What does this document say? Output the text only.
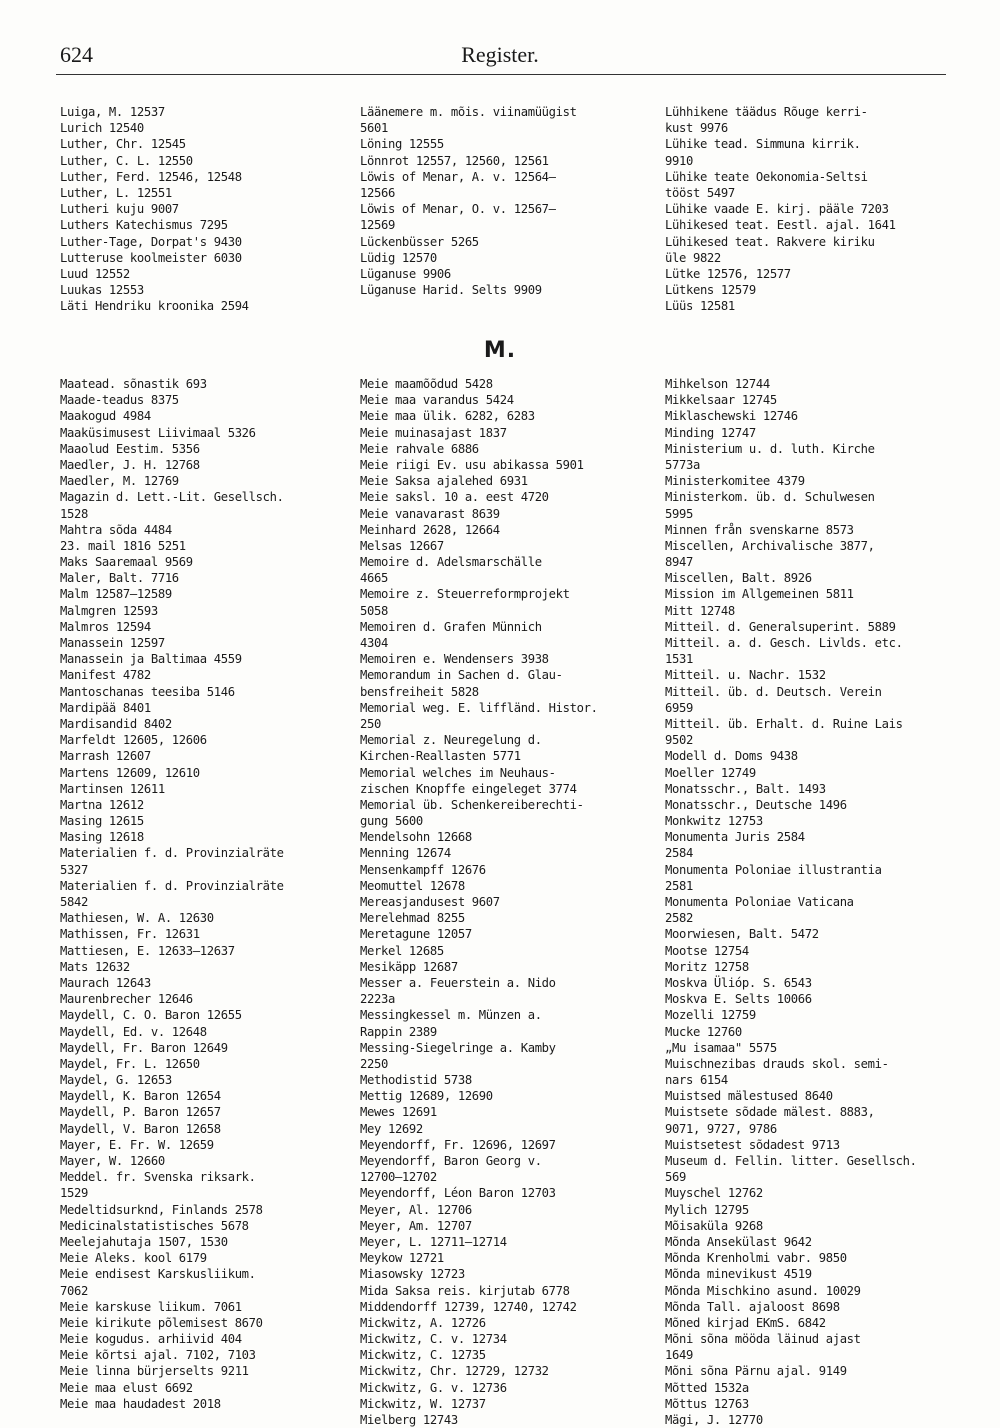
624	Register.
Luiga, M. 12537
Lurich 12540
Luther, Chr. 12545
Luther, C. L. 12550
Luther, Ferd. 12546, 12548
Luther, L. 12551
Lutheri kuju 9007
Luthers Katechismus 7295
Luther-Tage, Dorpat's 9430
Lutteruse koolmeister 6030
Luud 12552
Luukas 12553
Läti Hendriku kroonika 2594
Läänemere m. mõis. viinamüügist
5601
Löning 12555
Lönnrot 12557, 12560, 12561
Löwis of Menar, A. v. 12564—
12566
Löwis of Menar, O. v. 12567—
12569
Lückenbüsser 5265
Lüdig 12570
Lüganuse 9906
Lüganuse Harid. Selts 9909
Lühhikene täädus Rõuge kerri-
kust 9976
Lühike tead. Simmuna kirrik.
9910
Lühike teate Oekonomia-Seltsi
tööst 5497
Lühike vaade E. kirj. pääle 7203
Lühikesed teat. Eestl. ajal. 1641
Lühikesed teat. Rakvere kiriku
üle 9822
Lütke 12576, 12577
Lütkens 12579
Lüüs 12581
M.
Maatead. sõnastik 693
Maade-teadus 8375
Maakogud 4984
Maaküsimusest Liivimaal 5326
Maaolud Eestim. 5356
Maedler, J. H. 12768
Maedler, M. 12769
Magazin d. Lett.-Lit. Gesellsch.
1528
Mahtra sõda 4484
23. mail 1816 5251
Maks Saaremaal 9569
Maler, Balt. 7716
Malm 12587—12589
Malmgren 12593
Malmros 12594
Manassein 12597
Manassein ja Baltimaa 4559
Manifest 4782
Mantoschanas teesiba 5146
Mardipää 8401
Mardisandid 8402
Marfeldt 12605, 12606
Marrash 12607
Martens 12609, 12610
Martinsen 12611
Martna 12612
Masing 12615
Masing 12618
Materialien f. d. Provinzialräte
5327
Materialien f. d. Provinzialräte
5842
Mathiesen, W. A. 12630
Mathissen, Fr. 12631
Mattiesen, E. 12633—12637
Mats 12632
Maurach 12643
Maurenbrecher 12646
Maydell, C. O. Baron 12655
Maydell, Ed. v. 12648
Maydell, Fr. Baron 12649
Maydel, Fr. L. 12650
Maydel, G. 12653
Maydell, K. Baron 12654
Maydell, P. Baron 12657
Maydell, V. Baron 12658
Mayer, E. Fr. W. 12659
Mayer, W. 12660
Meddel. fr. Svenska riksark.
1529
Medeltidsurknd, Finlands 2578
Medicinalstatistisches 5678
Meelejahutaja 1507, 1530
Meie Aleks. kool 6179
Meie endisest Karskusliikum.
7062
Meie karskuse liikum. 7061
Meie kirikute põlemisest 8670
Meie kogudus. arhiivid 404
Meie kõrtsi ajal. 7102, 7103
Meie linna bürjerselts 9211
Meie maa elust 6692
Meie maa haudadest 2018
Meie maamõõdud 5428
Meie maa varandus 5424
Meie maa ülik. 6282, 6283
Meie muinasajast 1837
Meie rahvale 6886
Meie riigi Ev. usu abikassa 5901
Meie Saksa ajalehed 6931
Meie saksl. 10 a. eest 4720
Meie vanavarast 8639
Meinhard 2628, 12664
Melsas 12667
Memoire d. Adelsmarschälle
4665
Memoire z. Steuerreformprojekt
5058
Memoiren d. Grafen Münnich
4304
Memoiren e. Wendensers 3938
Memorandum in Sachen d. Glau-
bensfreiheit 5828
Memorial weg. E. liffländ. Histor.
250
Memorial z. Neuregelung d.
Kirchen-Reallasten 5771
Memorial welches im Neuhaus-
zischen Knopffe eingeleget 3774
Memorial üb. Schenkereiberechti-
gung 5600
Mendelsohn 12668
Menning 12674
Mensenkampff 12676
Meomuttel 12678
Mereasjandusest 9607
Merelehmad 8255
Meretagune 12057
Merkel 12685
Mesikäpp 12687
Messer a. Feuerstein a. Nido
2223a
Messingkessel m. Münzen a.
Rappin 2389
Messing-Siegelringe a. Kamby
2250
Methodistid 5738
Mettig 12689, 12690
Mewes 12691
Mey 12692
Meyendorff, Fr. 12696, 12697
Meyendorff, Baron Georg v.
12700—12702
Meyendorff, Léon Baron 12703
Meyer, Al. 12706
Meyer, Am. 12707
Meyer, L. 12711—12714
Meykow 12721
Miasowsky 12723
Mida Saksa reis. kirjutab 6778
Middendorff 12739, 12740, 12742
Mickwitz, A. 12726
Mickwitz, C. v. 12734
Mickwitz, C. 12735
Mickwitz, Chr. 12729, 12732
Mickwitz, G. v. 12736
Mickwitz, W. 12737
Mielberg 12743
Mihkelson 12744
Mikkelsaar 12745
Miklaschewski 12746
Minding 12747
Ministerium u. d. luth. Kirche
5773a
Ministerkomitee 4379
Ministerkom. üb. d. Schulwesen
5995
Minnen från svenskarne 8573
Miscellen, Archivalische 3877,
8947
Miscellen, Balt. 8926
Mission im Allgemeinen 5811
Mitt 12748
Mitteil. d. Generalsuperint. 5889
Mitteil. a. d. Gesch. Livlds. etc.
1531
Mitteil. u. Nachr. 1532
Mitteil. üb. d. Deutsch. Verein
6959
Mitteil. üb. Erhalt. d. Ruine Lais
9502
Modell d. Doms 9438
Moeller 12749
Monatsschr., Balt. 1493
Monatsschr., Deutsche 1496
Monkwitz 12753
Monumenta Juris 2584
2584
Monumenta Poloniae illustrantia
2581
Monumenta Poloniae Vaticana
2582
Moorwiesen, Balt. 5472
Mootse 12754
Moritz 12758
Moskva Ülióp. S. 6543
Moskva E. Selts 10066
Mozelli 12759
Mucke 12760
„Mu isamaa" 5575
Muischnezibas drauds skol. semi-
nars 6154
Muistsed mälestused 8640
Muistsete sõdade mälest. 8883,
9071, 9727, 9786
Muistsetest sõdadest 9713
Museum d. Fellin. litter. Gesellsch.
569
Muyschel 12762
Mylich 12795
Mõisaküla 9268
Mõnda Ansekülast 9642
Mõnda Krenholmi vabr. 9850
Mõnda minevikust 4519
Mõnda Mischkino asund. 10029
Mõnda Tall. ajaloost 8698
Mõned kirjad EKmS. 6842
Mõni sõna mööda läinud ajast
1649
Mõni sõna Pärnu ajal. 9149
Mõtted 1532a
Mõttus 12763
Mägi, J. 12770
